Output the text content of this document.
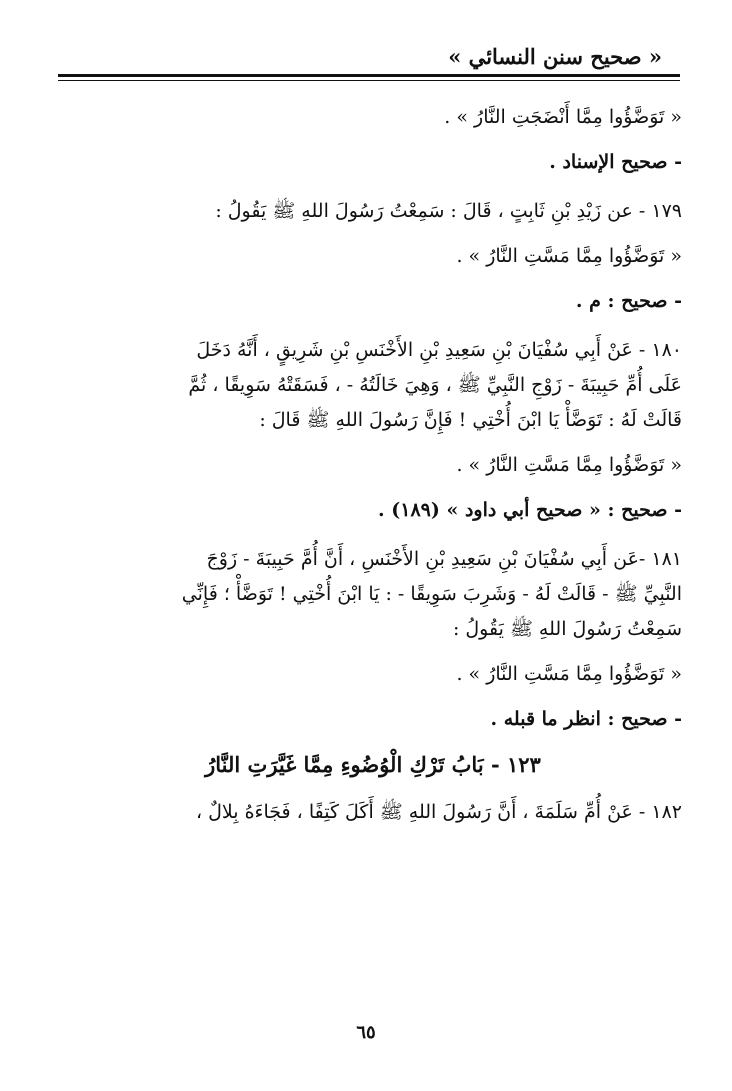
« صحيح سنن النسائي »

« تَوَضَّؤُوا مِمَّا أَنْضَجَتِ النَّارُ » .

- صحيح الإسناد .

١٧٩ - عن زَيْدِ بْنِ ثَابِتٍ ، قَالَ : سَمِعْتُ رَسُولَ اللهِ ﷺ يَقُولُ :

« تَوَضَّؤُوا مِمَّا مَسَّتِ النَّارُ » .

- صحيح : م .

١٨٠ - عَنْ أَبِي سُفْيَانَ بْنِ سَعِيدِ بْنِ الأَخْنَسِ بْنِ شَرِيقٍ ، أَنَّهُ دَخَلَ
عَلَى أُمِّ حَبِيبَةَ - زَوْجِ النَّبِيِّ ﷺ ، وَهِيَ خَالَتُهُ - ، فَسَقَتْهُ سَوِيقًا ، ثُمَّ
قَالَتْ لَهُ : تَوَضَّأْ يَا ابْنَ أُخْتِي ! فَإِنَّ رَسُولَ اللهِ ﷺ قَالَ :

« تَوَضَّؤُوا مِمَّا مَسَّتِ النَّارُ » .

- صحيح : « صحيح أبي داود » (١٨٩) .

١٨١ -عَن أَبِي سُفْيَانَ بْنِ سَعِيدِ بْنِ الأَخْنَسِ ، أَنَّ أُمَّ حَبِيبَةَ - زَوْجَ
النَّبِيِّ ﷺ - قَالَتْ لَهُ - وَشَرِبَ سَوِيقًا - : يَا ابْنَ أُخْتِي ! تَوَضَّأْ ؛ فَإِنِّي
سَمِعْتُ رَسُولَ اللهِ ﷺ يَقُولُ :

« تَوَضَّؤُوا مِمَّا مَسَّتِ النَّارُ » .

- صحيح : انظر ما قبله .

١٢٣ - بَابُ تَرْكِ الْوُضُوءِ مِمَّا غَيَّرَتِ النَّارُ

١٨٢ - عَنْ أُمِّ سَلَمَةَ ، أَنَّ رَسُولَ اللهِ ﷺ أَكَلَ كَتِفًا ، فَجَاءَهُ بِلالٌ ،

٦٥
